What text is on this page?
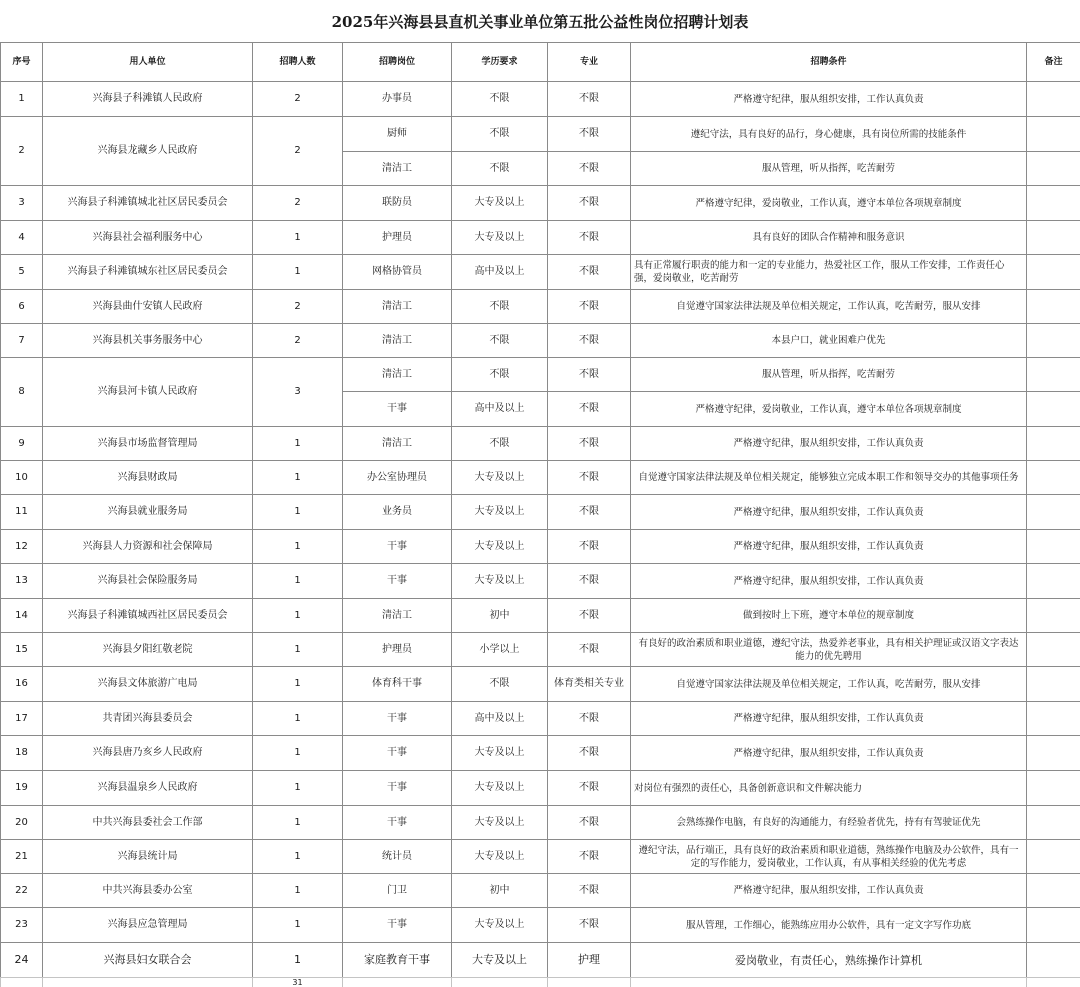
2025年兴海县县直机关事业单位第五批公益性岗位招聘计划表
序号	用人单位	招聘人数	招聘岗位	学历要求	专业	招聘条件	备注
1	兴海县子科滩镇人民政府	2	办事员	不限	不限	严格遵守纪律，服从组织安排，工作认真负责	
2	兴海县龙藏乡人民政府	2	厨师	不限	不限	遵纪守法，具有良好的品行，身心健康，具有岗位所需的技能条件	
			清洁工	不限	不限	服从管理，听从指挥，吃苦耐劳	
3	兴海县子科滩镇城北社区居民委员会	2	联防员	大专及以上	不限	严格遵守纪律，爱岗敬业，工作认真，遵守本单位各项规章制度	
4	兴海县社会福利服务中心	1	护理员	大专及以上	不限	具有良好的团队合作精神和服务意识	
5	兴海县子科滩镇城东社区居民委员会	1	网格协管员	高中及以上	不限	具有正常履行职责的能力和一定的专业能力，热爱社区工作，服从工作安排，工作责任心强，爱岗敬业，吃苦耐劳	
6	兴海县曲什安镇人民政府	2	清洁工	不限	不限	自觉遵守国家法律法规及单位相关规定，工作认真，吃苦耐劳，服从安排	
7	兴海县机关事务服务中心	2	清洁工	不限	不限	本县户口，就业困难户优先	
8	兴海县河卡镇人民政府	3	清洁工	不限	不限	服从管理，听从指挥，吃苦耐劳	
			干事	高中及以上	不限	严格遵守纪律，爱岗敬业，工作认真，遵守本单位各项规章制度	
9	兴海县市场监督管理局	1	清洁工	不限	不限	严格遵守纪律，服从组织安排，工作认真负责	
10	兴海县财政局	1	办公室协理员	大专及以上	不限	自觉遵守国家法律法规及单位相关规定，能够独立完成本职工作和领导交办的其他事项任务	
11	兴海县就业服务局	1	业务员	大专及以上	不限	严格遵守纪律，服从组织安排，工作认真负责	
12	兴海县人力资源和社会保障局	1	干事	大专及以上	不限	严格遵守纪律，服从组织安排，工作认真负责	
13	兴海县社会保险服务局	1	干事	大专及以上	不限	严格遵守纪律，服从组织安排，工作认真负责	
14	兴海县子科滩镇城西社区居民委员会	1	清洁工	初中	不限	做到按时上下班，遵守本单位的规章制度	
15	兴海县夕阳红敬老院	1	护理员	小学以上	不限	有良好的政治素质和职业道德，遵纪守法，热爱养老事业，具有相关护理证或汉语文字表达能力的优先聘用	
16	兴海县文体旅游广电局	1	体育科干事	不限	体育类相关专业	自觉遵守国家法律法规及单位相关规定，工作认真，吃苦耐劳，服从安排	
17	共青团兴海县委员会	1	干事	高中及以上	不限	严格遵守纪律，服从组织安排，工作认真负责	
18	兴海县唐乃亥乡人民政府	1	干事	大专及以上	不限	严格遵守纪律，服从组织安排，工作认真负责	
19	兴海县温泉乡人民政府	1	干事	大专及以上	不限	对岗位有强烈的责任心，具备创新意识和文件解决能力	
20	中共兴海县委社会工作部	1	干事	大专及以上	不限	会熟练操作电脑，有良好的沟通能力，有经验者优先，持有有驾驶证优先	
21	兴海县统计局	1	统计员	大专及以上	不限	遵纪守法，品行端正，具有良好的政治素质和职业道德，熟练操作电脑及办公软件，具有一定的写作能力，爱岗敬业，工作认真，有从事相关经验的优先考虑	
22	中共兴海县委办公室	1	门卫	初中	不限	严格遵守纪律，服从组织安排，工作认真负责	
23	兴海县应急管理局	1	干事	大专及以上	不限	服从管理，工作细心，能熟练应用办公软件，具有一定文字写作功底	
24	兴海县妇女联合会	1	家庭教育干事	大专及以上	护理	爱岗敬业，有责任心，熟练操作计算机	
		31					
